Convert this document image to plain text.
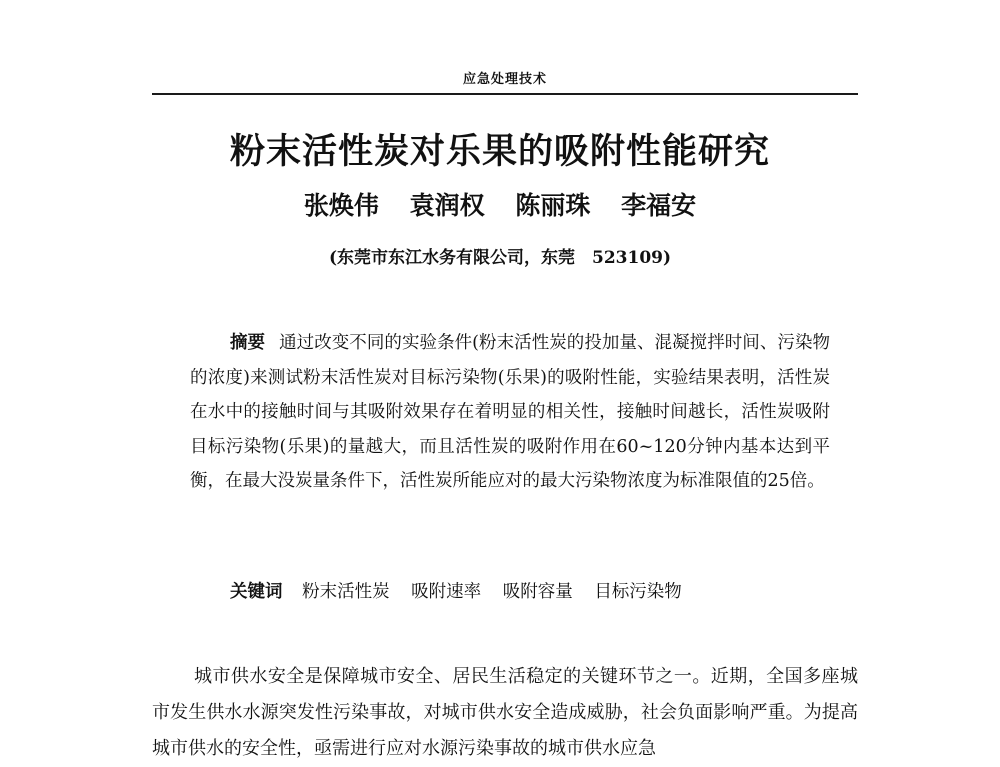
应急处理技术
粉末活性炭对乐果的吸附性能研究
张焕伟 袁润权 陈丽珠 李福安
(东莞市东江水务有限公司，东莞　523109)
摘要 通过改变不同的实验条件(粉末活性炭的投加量、混凝搅拌时间、污染物的浓度)来测试粉末活性炭对目标污染物(乐果)的吸附性能，实验结果表明，活性炭在水中的接触时间与其吸附效果存在着明显的相关性，接触时间越长，活性炭吸附目标污染物(乐果)的量越大，而且活性炭的吸附作用在60~120分钟内基本达到平衡，在最大没炭量条件下，活性炭所能应对的最大污染物浓度为标准限值的25倍。
关键词 粉末活性炭 吸附速率 吸附容量 目标污染物
城市供水安全是保障城市安全、居民生活稳定的关键环节之一。近期，全国多座城市发生供水水源突发性污染事故，对城市供水安全造成威胁，社会负面影响严重。为提高城市供水的安全性，亟需进行应对水源污染事故的城市供水应急
